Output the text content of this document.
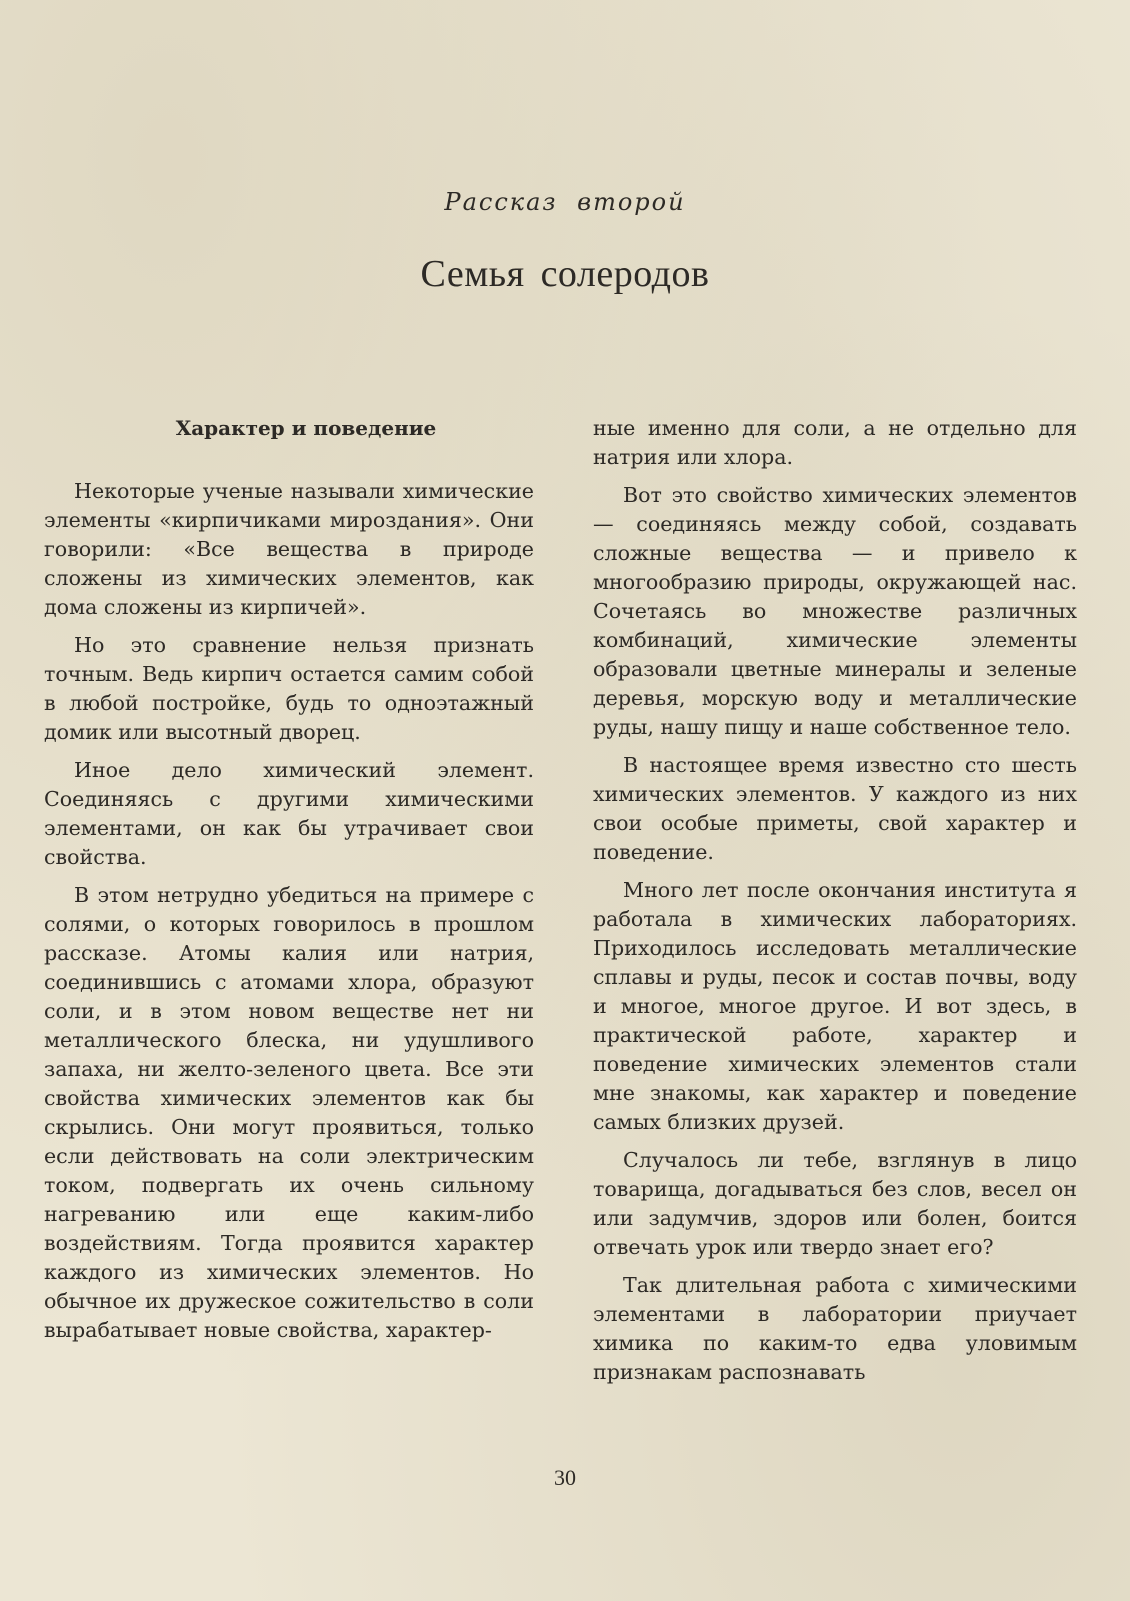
Рассказ второй
Семья солеродов
Характер и поведение

Некоторые ученые называли химические элементы «кирпичиками мироздания». Они говорили: «Все вещества в природе сложены из химических элементов, как дома сложены из кирпичей».

Но это сравнение нельзя признать точным. Ведь кирпич остается самим собой в любой постройке, будь то одноэтажный домик или высотный дворец.

Иное дело химический элемент. Соединяясь с другими химическими элементами, он как бы утрачивает свои свойства.

В этом нетрудно убедиться на примере с солями, о которых говорилось в прошлом рассказе. Атомы калия или натрия, соединившись с атомами хлора, образуют соли, и в этом новом веществе нет ни металлического блеска, ни удушливого запаха, ни желто-зеленого цвета. Все эти свойства химических элементов как бы скрылись. Они могут проявиться, только если действовать на соли электрическим током, подвергать их очень сильному нагреванию или еще каким-либо воздействиям. Тогда проявится характер каждого из химических элементов. Но обычное их дружеское сожительство в соли вырабатывает новые свойства, характер-

ные именно для соли, а не отдельно для натрия или хлора.

Вот это свойство химических элементов — соединяясь между собой, создавать сложные вещества — и привело к многообразию природы, окружающей нас. Сочетаясь во множестве различных комбинаций, химические элементы образовали цветные минералы и зеленые деревья, морскую воду и металлические руды, нашу пищу и наше собственное тело.

В настоящее время известно сто шесть химических элементов. У каждого из них свои особые приметы, свой характер и поведение.

Много лет после окончания института я работала в химических лабораториях. Приходилось исследовать металлические сплавы и руды, песок и состав почвы, воду и многое, многое другое. И вот здесь, в практической работе, характер и поведение химических элементов стали мне знакомы, как характер и поведение самых близких друзей.

Случалось ли тебе, взглянув в лицо товарища, догадываться без слов, весел он или задумчив, здоров или болен, боится отвечать урок или твердо знает его?

Так длительная работа с химическими элементами в лаборатории приучает химика по каким-то едва уловимым признакам распознавать

30
